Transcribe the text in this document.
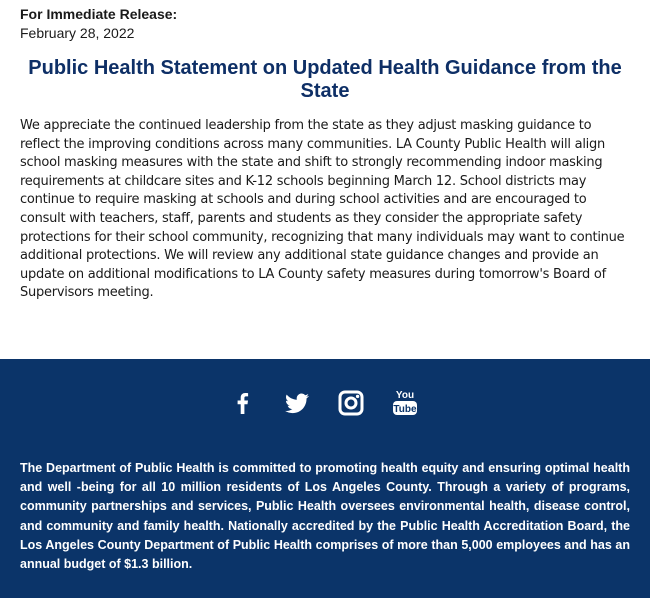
For Immediate Release:
February 28, 2022
Public Health Statement on Updated Health Guidance from the State

We appreciate the continued leadership from the state as they adjust masking guidance to reflect the improving conditions across many communities. LA County Public Health will align school masking measures with the state and shift to strongly recommending indoor masking requirements at childcare sites and K-12 schools beginning March 12. School districts may continue to require masking at schools and during school activities and are encouraged to consult with teachers, staff, parents and students as they consider the appropriate safety protections for their school community, recognizing that many individuals may want to continue additional protections. We will review any additional state guidance changes and provide an update on additional modifications to LA County safety measures during tomorrow's Board of Supervisors meeting.

You
Tube

The Department of Public Health is committed to promoting health equity and ensuring optimal health and well -being for all 10 million residents of Los Angeles County. Through a variety of programs, community partnerships and services, Public Health oversees environmental health, disease control, and community and family health. Nationally accredited by the Public Health Accreditation Board, the Los Angeles County Department of Public Health comprises of more than 5,000 employees and has an annual budget of $1.3 billion.
